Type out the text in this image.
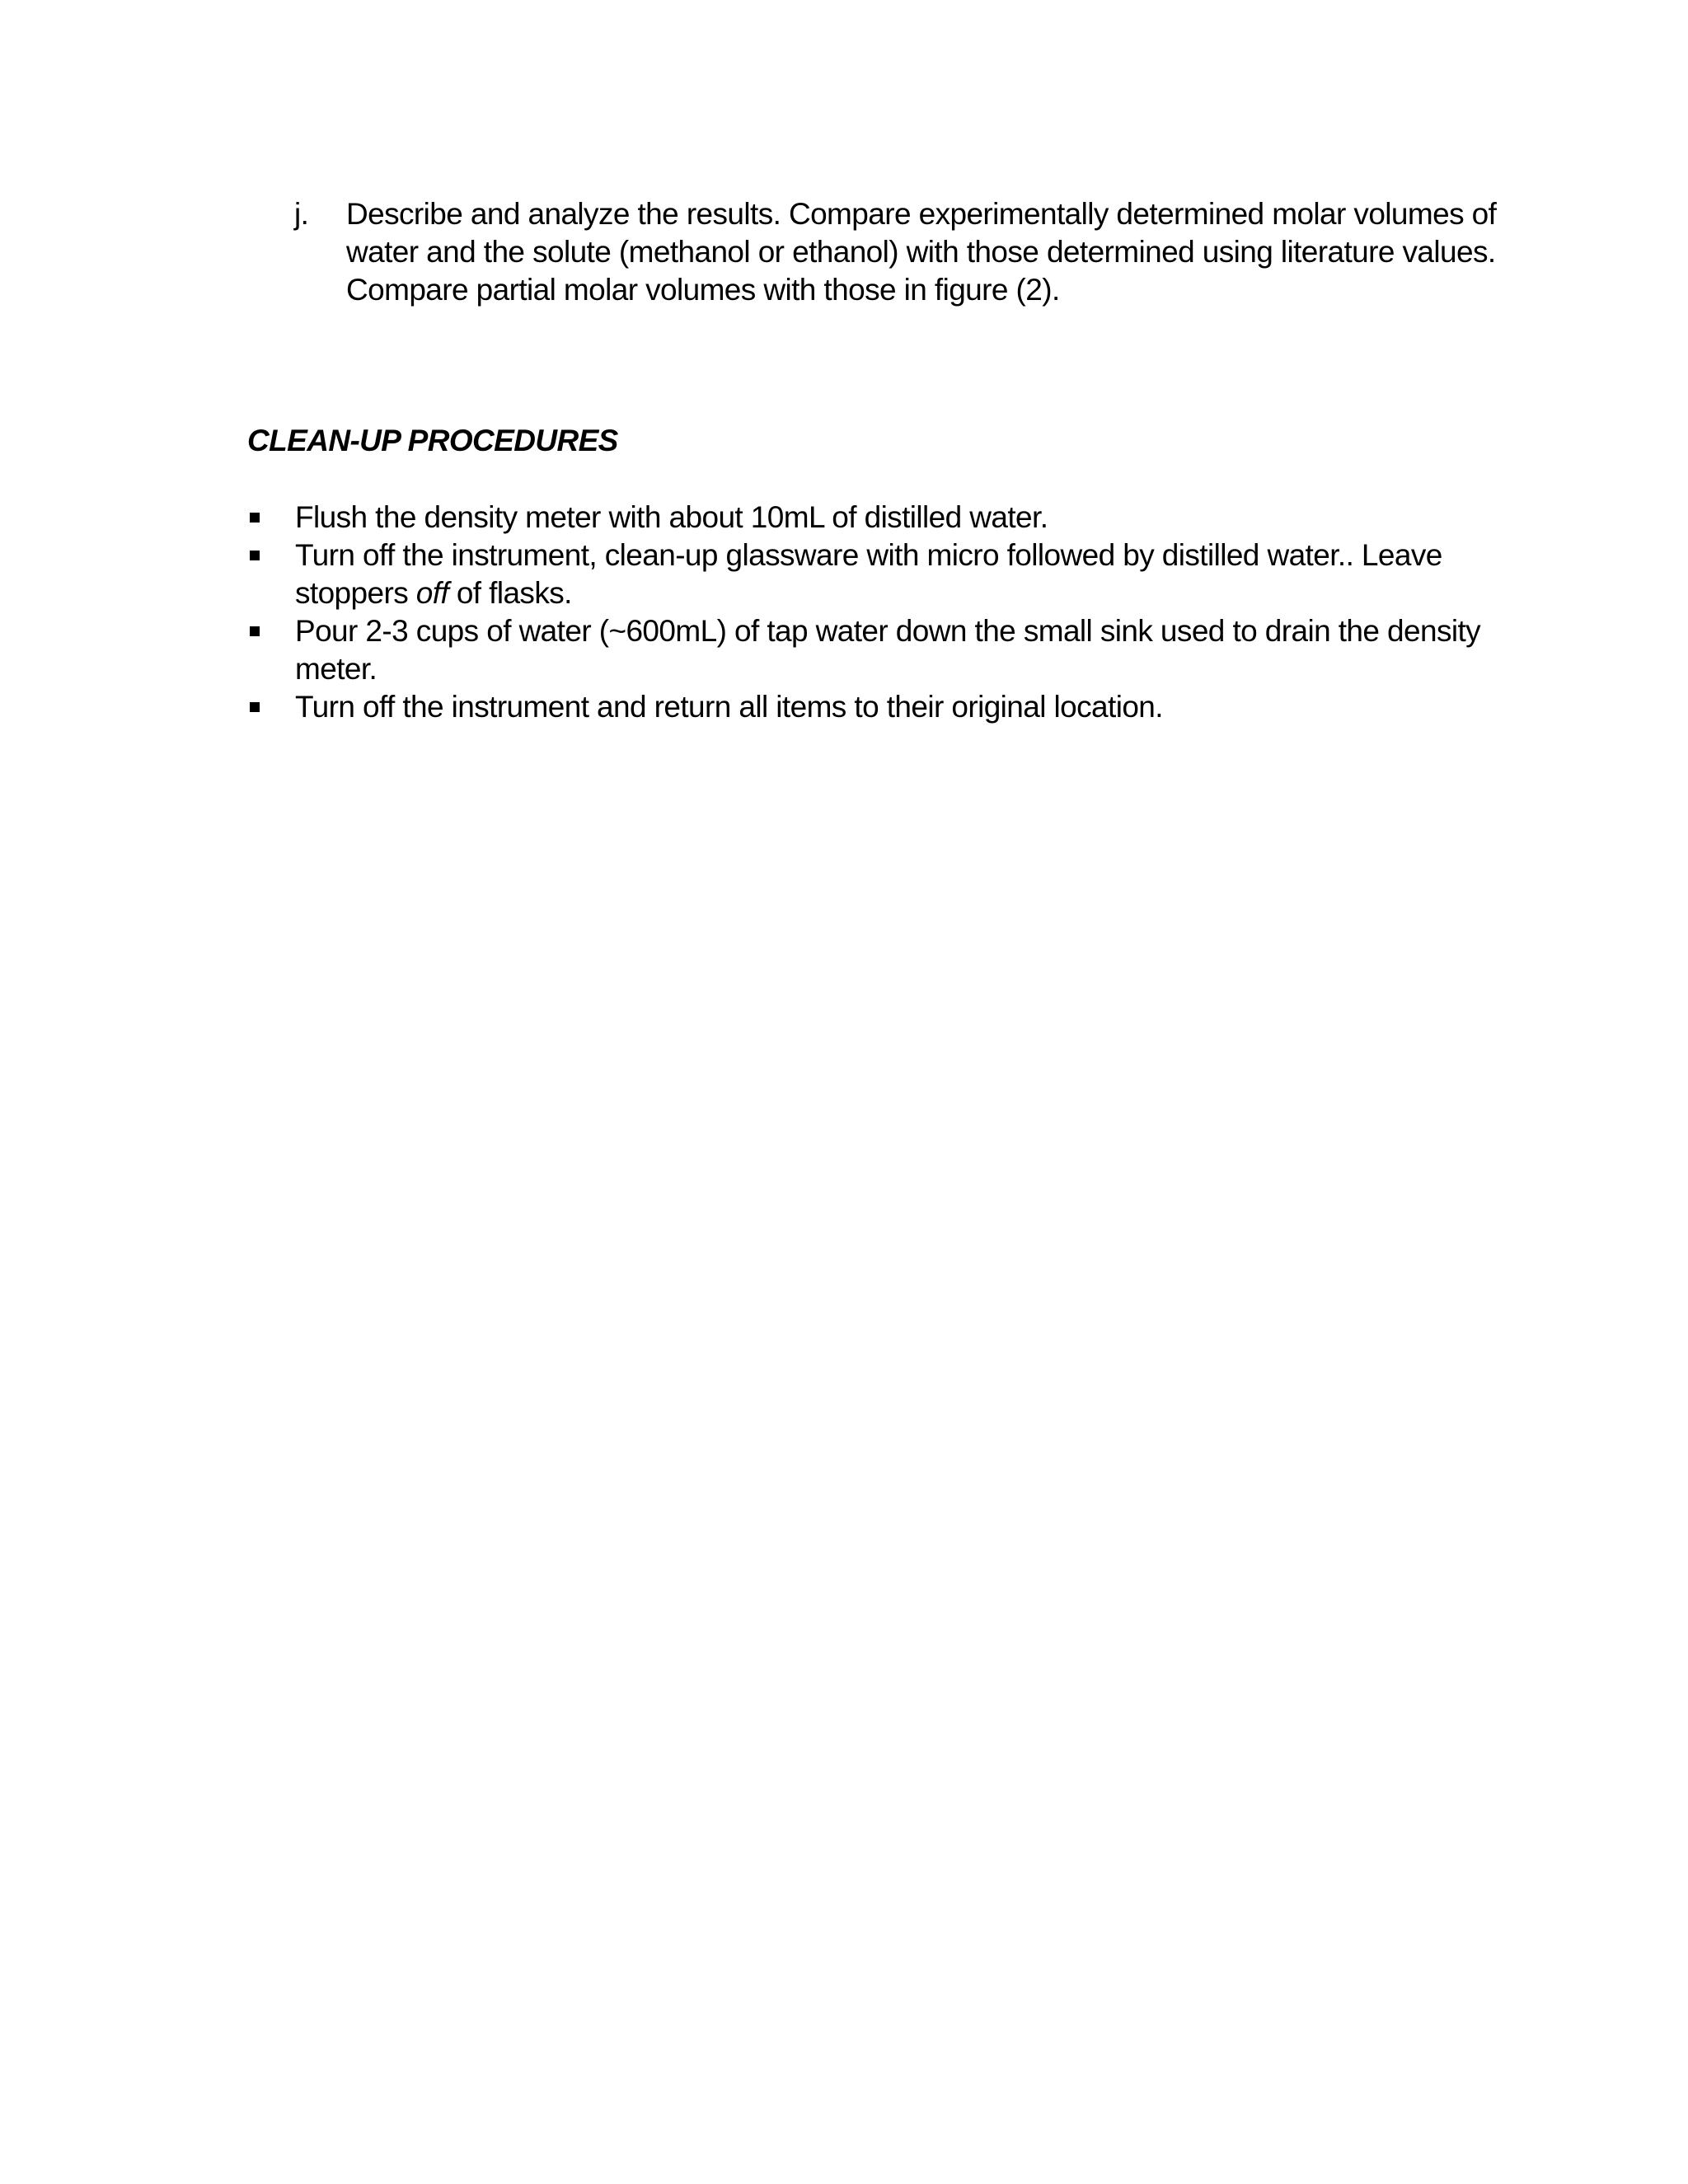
j.	Describe and analyze the results. Compare experimentally determined molar volumes of
water and the solute (methanol or ethanol) with those determined using literature values.
Compare partial molar volumes with those in figure (2).
CLEAN-UP PROCEDURES
Flush the density meter with about 10mL of distilled water.
Turn off the instrument, clean-up glassware with micro followed by distilled water.. Leave
stoppers off of flasks.
Pour 2-3 cups of water (~600mL) of tap water down the small sink used to drain the density
meter.
Turn off the instrument and return all items to their original location.
